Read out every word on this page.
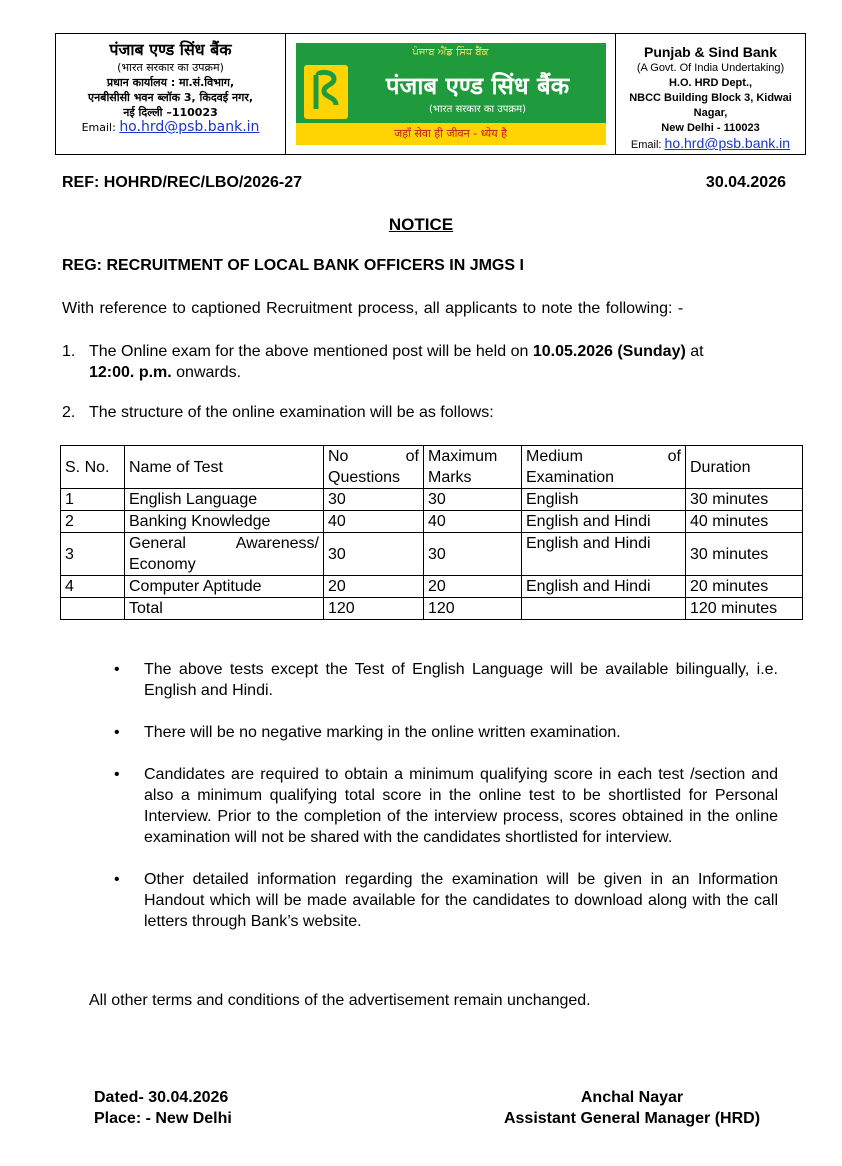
पंजाब एण्ड सिंध बैंक
(भारत सरकार का उपक्रम)
प्रधान कार्यालय : मा.सं.विभाग,
एनबीसीसी भवन ब्लॉक 3, किदवई नगर,
नई दिल्ली –110023
Email: ho.hrd@psb.bank.in
ਪੰਜਾਬ ਐਂਡ ਸਿੰਧ ਬੈਂਕ
पंजाब एण्ड सिंध बैंक
(भारत सरकार का उपक्रम)
जहाँ सेवा ही जीवन - ध्येय है
Punjab & Sind Bank
(A Govt. Of India Undertaking)
H.O. HRD Dept.,
NBCC Building Block 3, Kidwai Nagar,
New Delhi - 110023
Email: ho.hrd@psb.bank.in
REF: HOHRD/REC/LBO/2026-27	30.04.2026
NOTICE
REG: RECRUITMENT OF LOCAL BANK OFFICERS IN JMGS I
With reference to captioned Recruitment process, all applicants to note the following: -
1. The Online exam for the above mentioned post will be held on 10.05.2026 (Sunday) at
12:00. p.m. onwards.
2. The structure of the online examination will be as follows:
S. No.	Name of Test	No of Questions	Maximum Marks	Medium of Examination	Duration
1	English Language	30	30	English	30 minutes
2	Banking Knowledge	40	40	English and Hindi	40 minutes
3	General Awareness/ Economy	30	30	English and Hindi	30 minutes
4	Computer Aptitude	20	20	English and Hindi	20 minutes
	Total	120	120		120 minutes
•	The above tests except the Test of English Language will be available bilingually, i.e. English and Hindi.
•	There will be no negative marking in the online written examination.
•	Candidates are required to obtain a minimum qualifying score in each test /section and also a minimum qualifying total score in the online test to be shortlisted for Personal Interview. Prior to the completion of the interview process, scores obtained in the online examination will not be shared with the candidates shortlisted for interview.
•	Other detailed information regarding the examination will be given in an Information Handout which will be made available for the candidates to download along with the call letters through Bank’s website.
All other terms and conditions of the advertisement remain unchanged.
Dated- 30.04.2026
Place: - New Delhi
Anchal Nayar
Assistant General Manager (HRD)
